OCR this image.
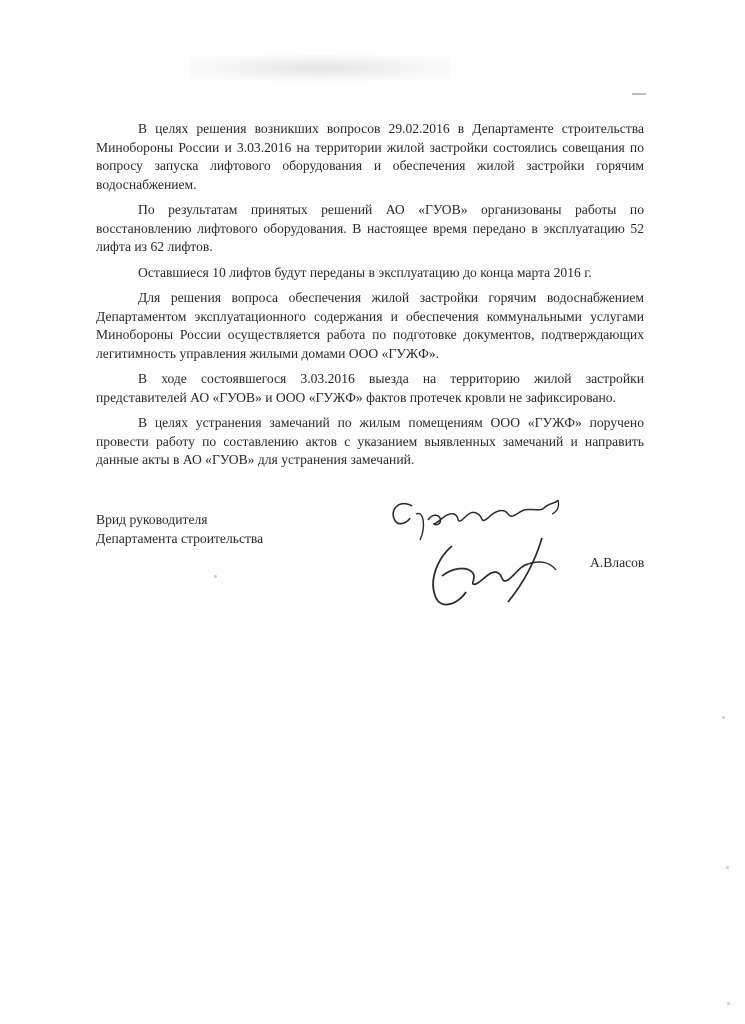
В целях решения возникших вопросов 29.02.2016 в Департаменте строительства Минобороны России и 3.03.2016 на территории жилой застройки состоялись совещания по вопросу запуска лифтового оборудования и обеспечения жилой застройки горячим водоснабжением.

По результатам принятых решений АО «ГУОВ» организованы работы по восстановлению лифтового оборудования. В настоящее время передано в эксплуатацию 52 лифта из 62 лифтов.

Оставшиеся 10 лифтов будут переданы в эксплуатацию до конца марта 2016 г.

Для решения вопроса обеспечения жилой застройки горячим водоснабжением Департаментом эксплуатационного содержания и обеспечения коммунальными услугами Минобороны России осуществляется работа по подготовке документов, подтверждающих легитимность управления жилыми домами ООО «ГУЖФ».

В ходе состоявшегося 3.03.2016 выезда на территорию жилой застройки представителей АО «ГУОВ» и ООО «ГУЖФ» фактов протечек кровли не зафиксировано.

В целях устранения замечаний по жилым помещениям ООО «ГУЖФ» поручено провести работу по составлению актов с указанием выявленных замечаний и направить данные акты в АО «ГУОВ» для устранения замечаний.

Врид руководителя
Департамента строительства
А.Власов
